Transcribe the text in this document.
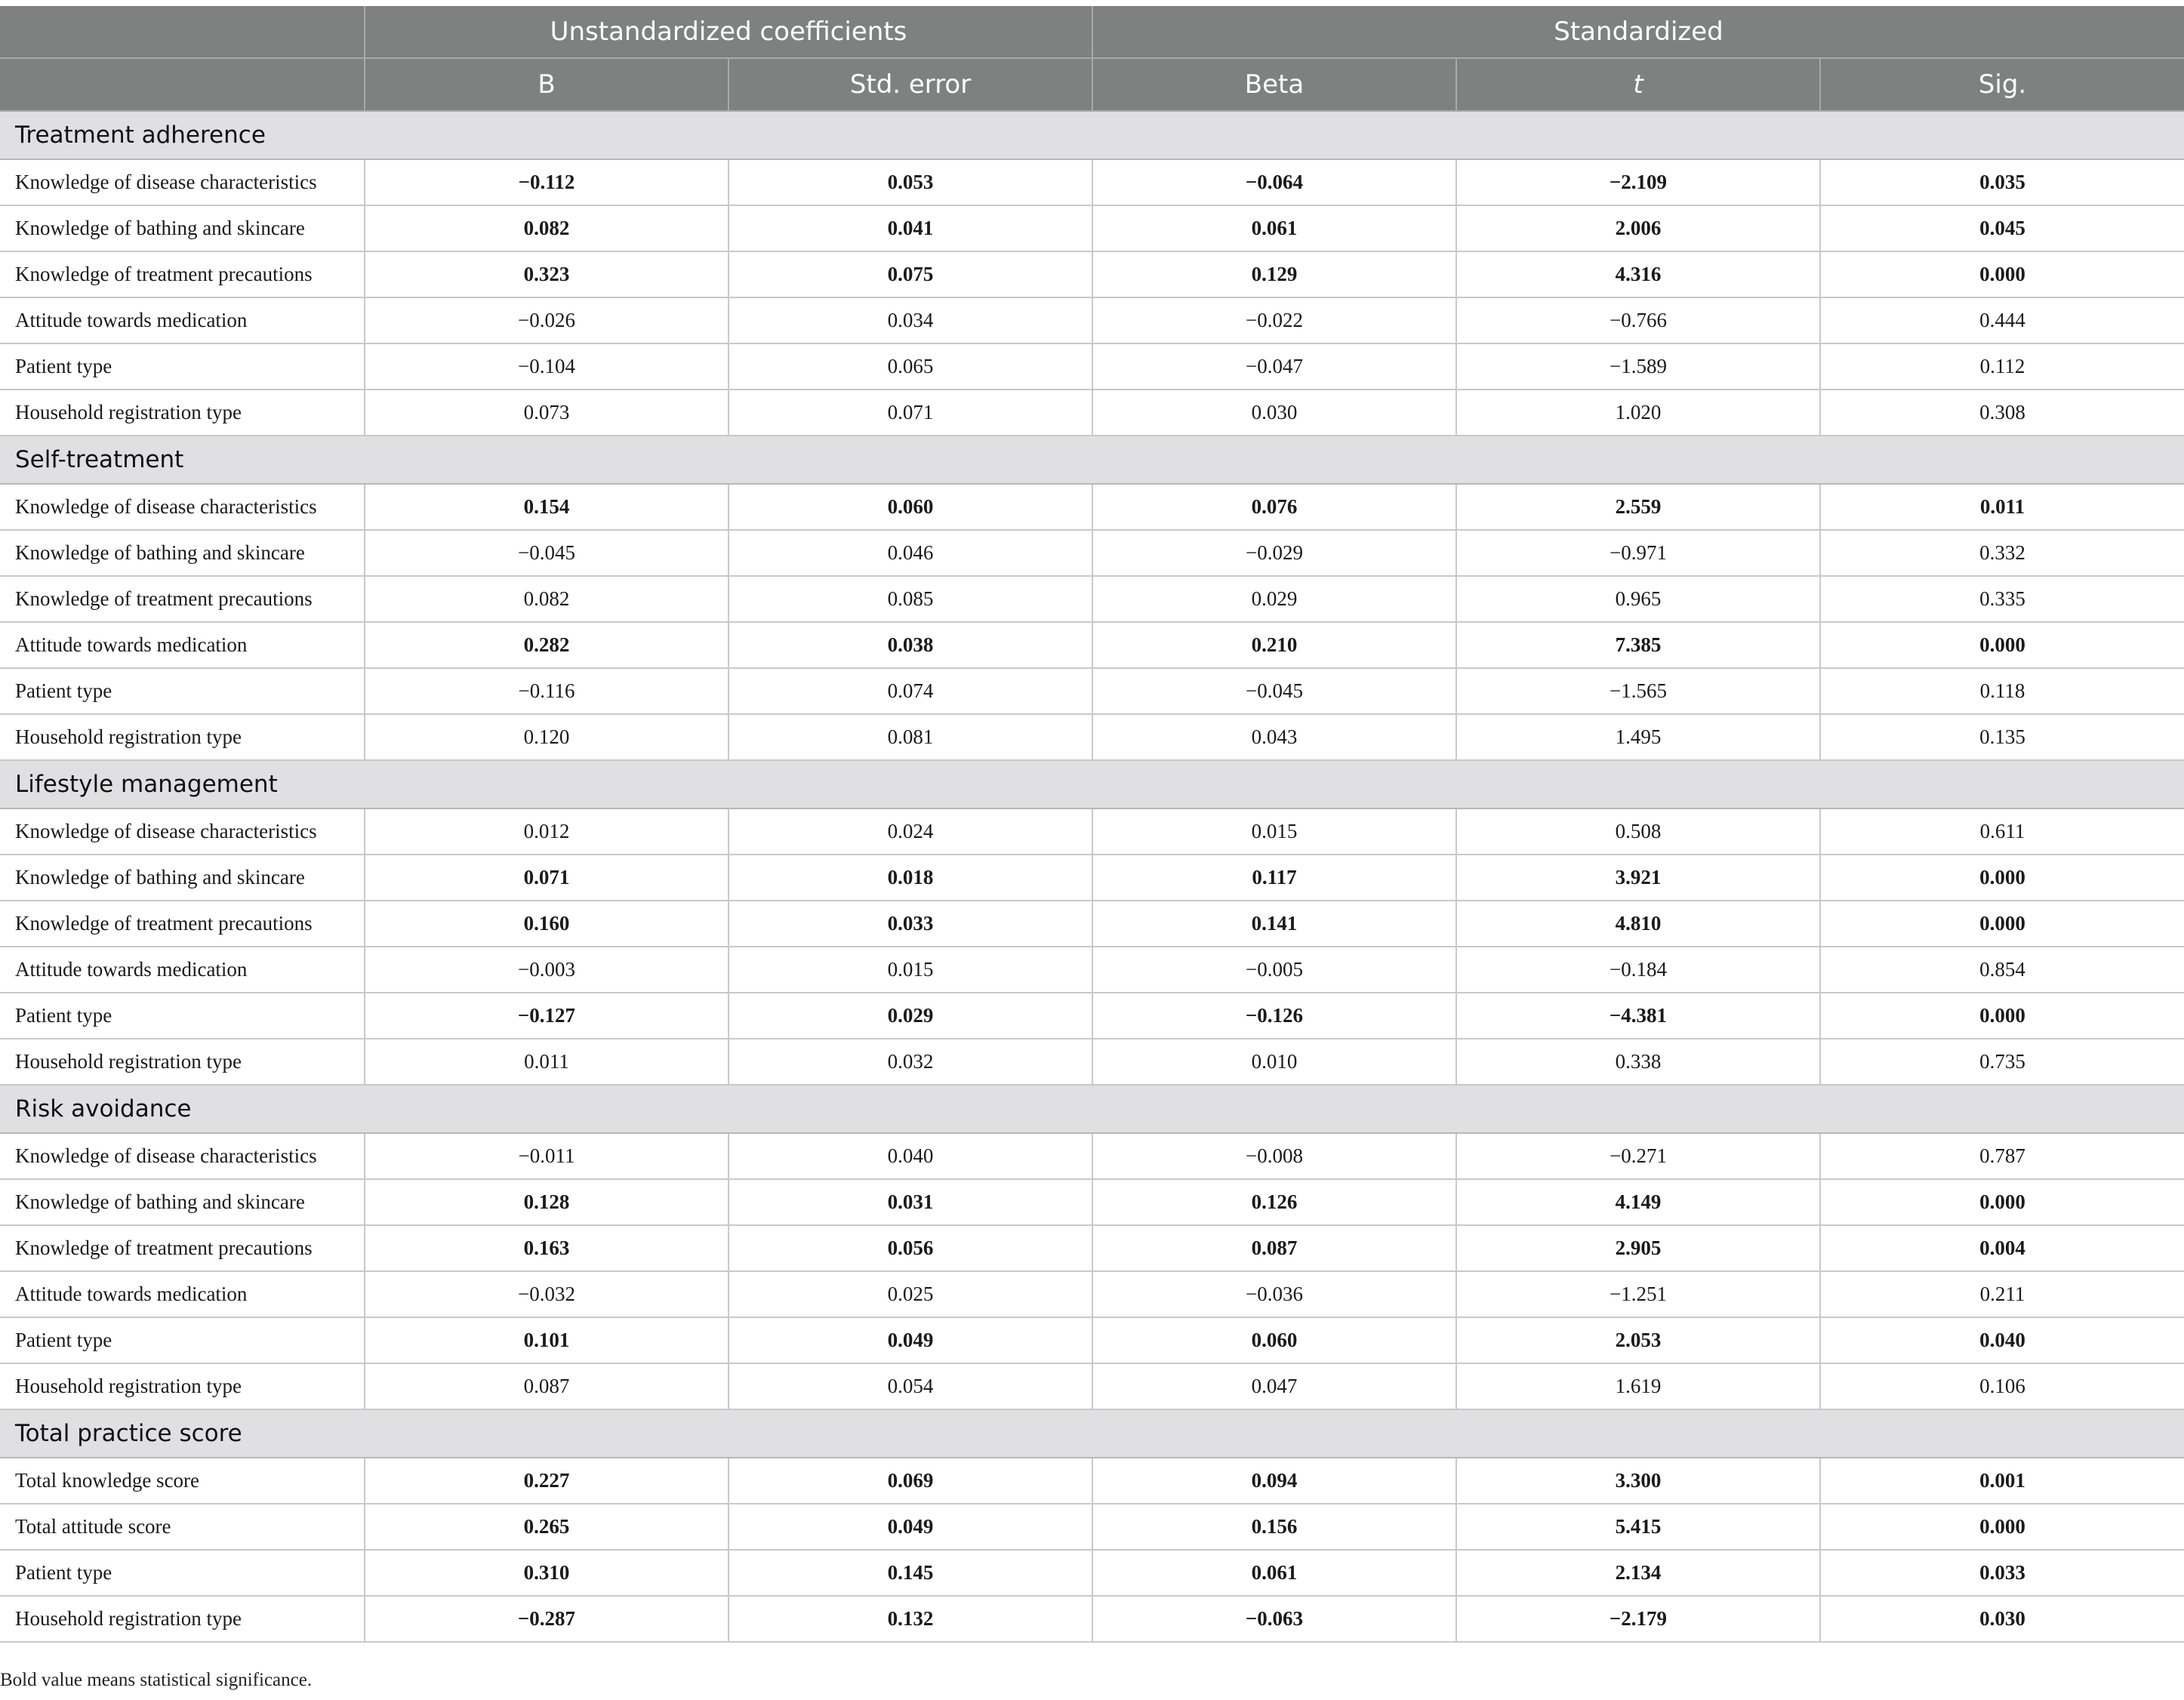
	Unstandardized coefficients		Standardized		
	B	Std. error	Beta	t	Sig.
Treatment adherence					
Knowledge of disease characteristics	−0.112	0.053	−0.064	−2.109	0.035
Knowledge of bathing and skincare	0.082	0.041	0.061	2.006	0.045
Knowledge of treatment precautions	0.323	0.075	0.129	4.316	0.000
Attitude towards medication	−0.026	0.034	−0.022	−0.766	0.444
Patient type	−0.104	0.065	−0.047	−1.589	0.112
Household registration type	0.073	0.071	0.030	1.020	0.308
Self-treatment					
Knowledge of disease characteristics	0.154	0.060	0.076	2.559	0.011
Knowledge of bathing and skincare	−0.045	0.046	−0.029	−0.971	0.332
Knowledge of treatment precautions	0.082	0.085	0.029	0.965	0.335
Attitude towards medication	0.282	0.038	0.210	7.385	0.000
Patient type	−0.116	0.074	−0.045	−1.565	0.118
Household registration type	0.120	0.081	0.043	1.495	0.135
Lifestyle management					
Knowledge of disease characteristics	0.012	0.024	0.015	0.508	0.611
Knowledge of bathing and skincare	0.071	0.018	0.117	3.921	0.000
Knowledge of treatment precautions	0.160	0.033	0.141	4.810	0.000
Attitude towards medication	−0.003	0.015	−0.005	−0.184	0.854
Patient type	−0.127	0.029	−0.126	−4.381	0.000
Household registration type	0.011	0.032	0.010	0.338	0.735
Risk avoidance					
Knowledge of disease characteristics	−0.011	0.040	−0.008	−0.271	0.787
Knowledge of bathing and skincare	0.128	0.031	0.126	4.149	0.000
Knowledge of treatment precautions	0.163	0.056	0.087	2.905	0.004
Attitude towards medication	−0.032	0.025	−0.036	−1.251	0.211
Patient type	0.101	0.049	0.060	2.053	0.040
Household registration type	0.087	0.054	0.047	1.619	0.106
Total practice score					
Total knowledge score	0.227	0.069	0.094	3.300	0.001
Total attitude score	0.265	0.049	0.156	5.415	0.000
Patient type	0.310	0.145	0.061	2.134	0.033
Household registration type	−0.287	0.132	−0.063	−2.179	0.030
Bold value means statistical significance.
